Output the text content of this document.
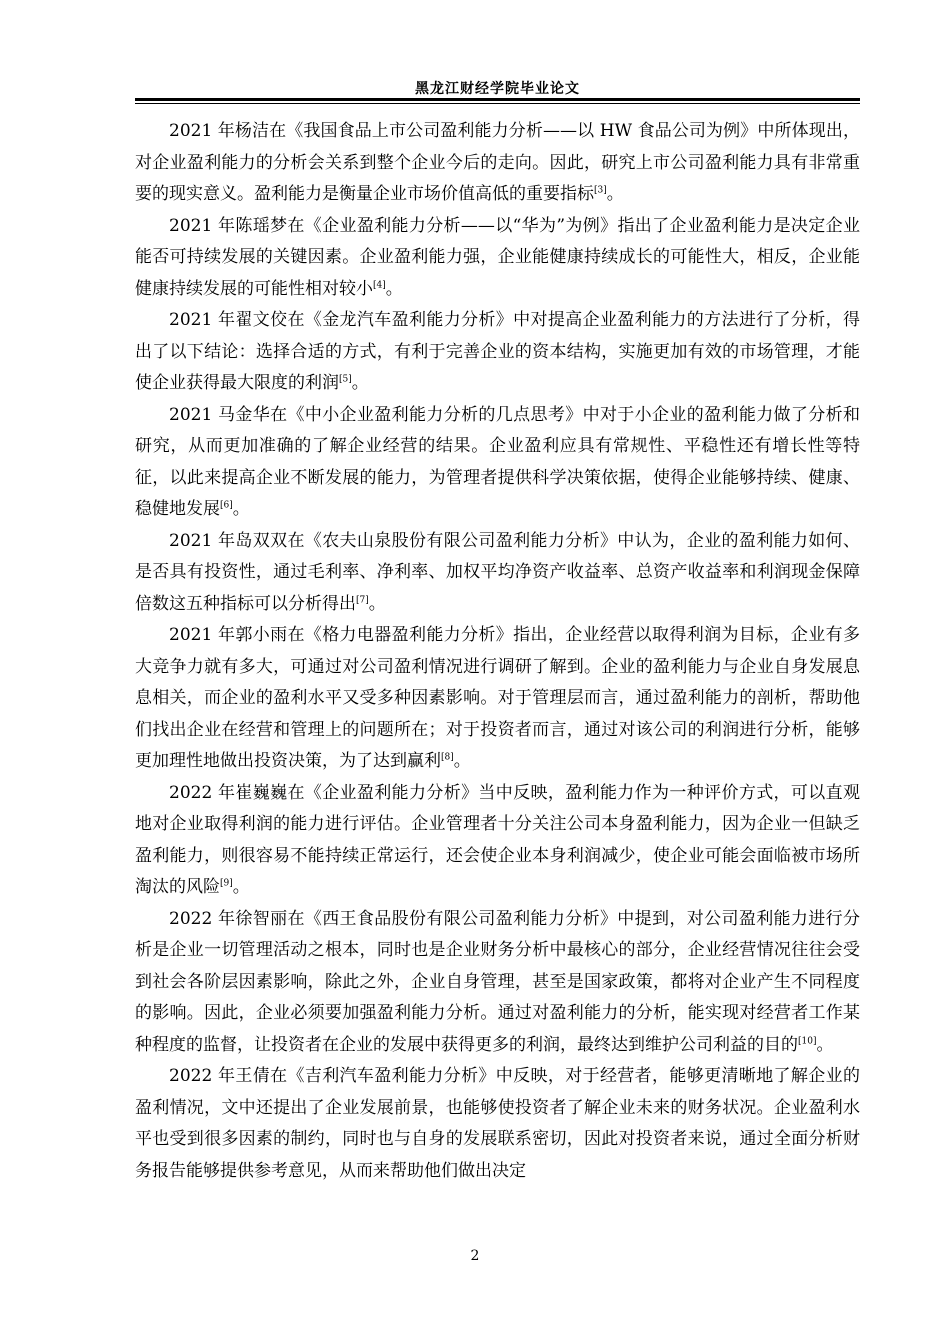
黑龙江财经学院毕业论文

2021 年杨洁在《我国食品上市公司盈利能力分析——以 HW 食品公司为例》中所体现出，对企业盈利能力的分析会关系到整个企业今后的走向。因此，研究上市公司盈利能力具有非常重要的现实意义。盈利能力是衡量企业市场价值高低的重要指标[3]。

2021 年陈瑶梦在《企业盈利能力分析——以“华为”为例》指出了企业盈利能力是决定企业能否可持续发展的关键因素。企业盈利能力强，企业能健康持续成长的可能性大，相反，企业能健康持续发展的可能性相对较小[4]。

2021 年翟文佼在《金龙汽车盈利能力分析》中对提高企业盈利能力的方法进行了分析，得出了以下结论：选择合适的方式，有利于完善企业的资本结构，实施更加有效的市场管理，才能使企业获得最大限度的利润[5]。

2021 马金华在《中小企业盈利能力分析的几点思考》中对于小企业的盈利能力做了分析和研究，从而更加准确的了解企业经营的结果。企业盈利应具有常规性、平稳性还有增长性等特征，以此来提高企业不断发展的能力，为管理者提供科学决策依据，使得企业能够持续、健康、稳健地发展[6]。

2021 年岛双双在《农夫山泉股份有限公司盈利能力分析》中认为，企业的盈利能力如何、是否具有投资性，通过毛利率、净利率、加权平均净资产收益率、总资产收益率和利润现金保障倍数这五种指标可以分析得出[7]。

2021 年郭小雨在《格力电器盈利能力分析》指出，企业经营以取得利润为目标，企业有多大竞争力就有多大，可通过对公司盈利情况进行调研了解到。企业的盈利能力与企业自身发展息息相关，而企业的盈利水平又受多种因素影响。对于管理层而言，通过盈利能力的剖析，帮助他们找出企业在经营和管理上的问题所在；对于投资者而言，通过对该公司的利润进行分析，能够更加理性地做出投资决策，为了达到赢利[8]。

2022 年崔巍巍在《企业盈利能力分析》当中反映，盈利能力作为一种评价方式，可以直观地对企业取得利润的能力进行评估。企业管理者十分关注公司本身盈利能力，因为企业一但缺乏盈利能力，则很容易不能持续正常运行，还会使企业本身利润减少，使企业可能会面临被市场所淘汰的风险[9]。

2022 年徐智丽在《西王食品股份有限公司盈利能力分析》中提到，对公司盈利能力进行分析是企业一切管理活动之根本，同时也是企业财务分析中最核心的部分，企业经营情况往往会受到社会各阶层因素影响，除此之外，企业自身管理，甚至是国家政策，都将对企业产生不同程度的影响。因此，企业必须要加强盈利能力分析。通过对盈利能力的分析，能实现对经营者工作某种程度的监督，让投资者在企业的发展中获得更多的利润，最终达到维护公司利益的目的[10]。

2022 年王倩在《吉利汽车盈利能力分析》中反映，对于经营者，能够更清晰地了解企业的盈利情况，文中还提出了企业发展前景，也能够使投资者了解企业未来的财务状况。企业盈利水平也受到很多因素的制约，同时也与自身的发展联系密切，因此对投资者来说，通过全面分析财务报告能够提供参考意见，从而来帮助他们做出决定

2
